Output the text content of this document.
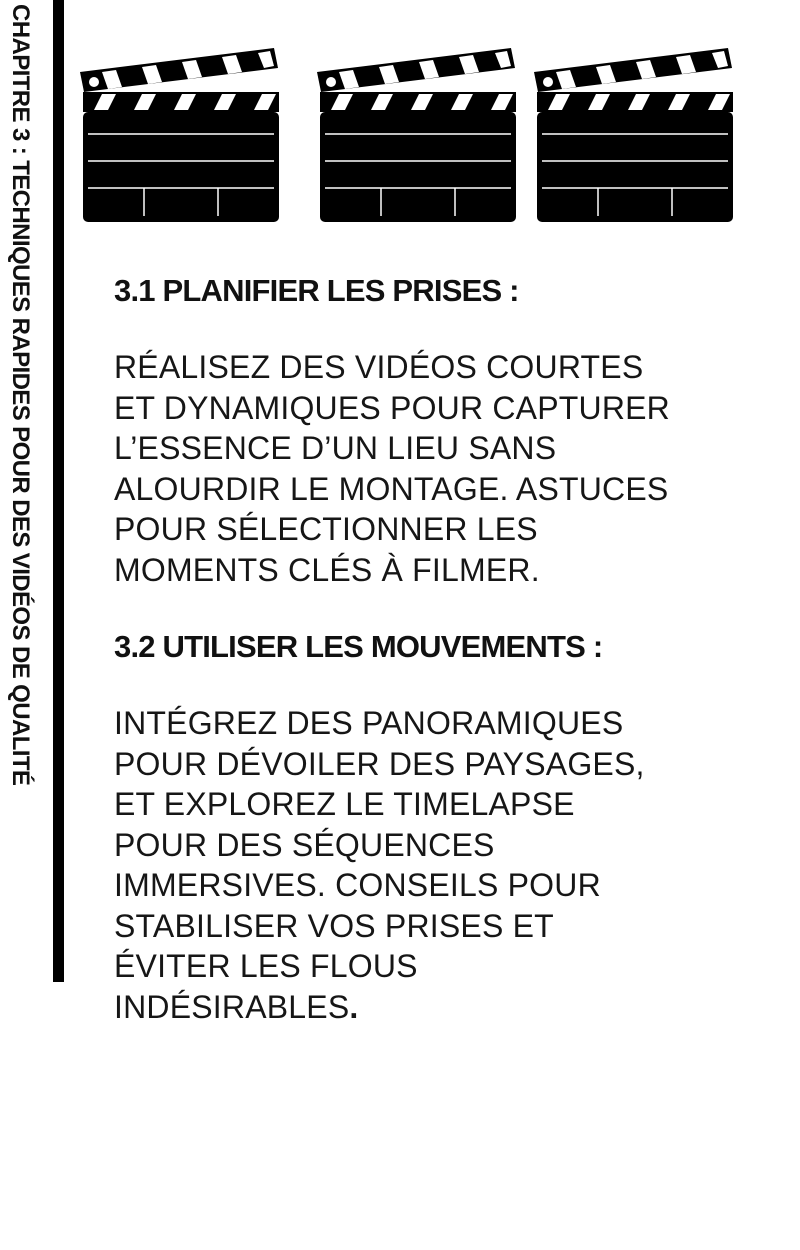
CHAPITRE 3 : TECHNIQUES RAPIDES POUR DES VIDÉOS DE QUALITÉ	3.1 PLANIFIER LES PRISES :
RÉALISEZ DES VIDÉOS COURTES
ET DYNAMIQUES POUR CAPTURER
L’ESSENCE D’UN LIEU SANS
ALOURDIR LE MONTAGE. ASTUCES
POUR SÉLECTIONNER LES
MOMENTS CLÉS À FILMER.
3.2 UTILISER LES MOUVEMENTS :
INTÉGREZ DES PANORAMIQUES
POUR DÉVOILER DES PAYSAGES,
ET EXPLOREZ LE TIMELAPSE
POUR DES SÉQUENCES
IMMERSIVES. CONSEILS POUR
STABILISER VOS PRISES ET
ÉVITER LES FLOUS
INDÉSIRABLES.
